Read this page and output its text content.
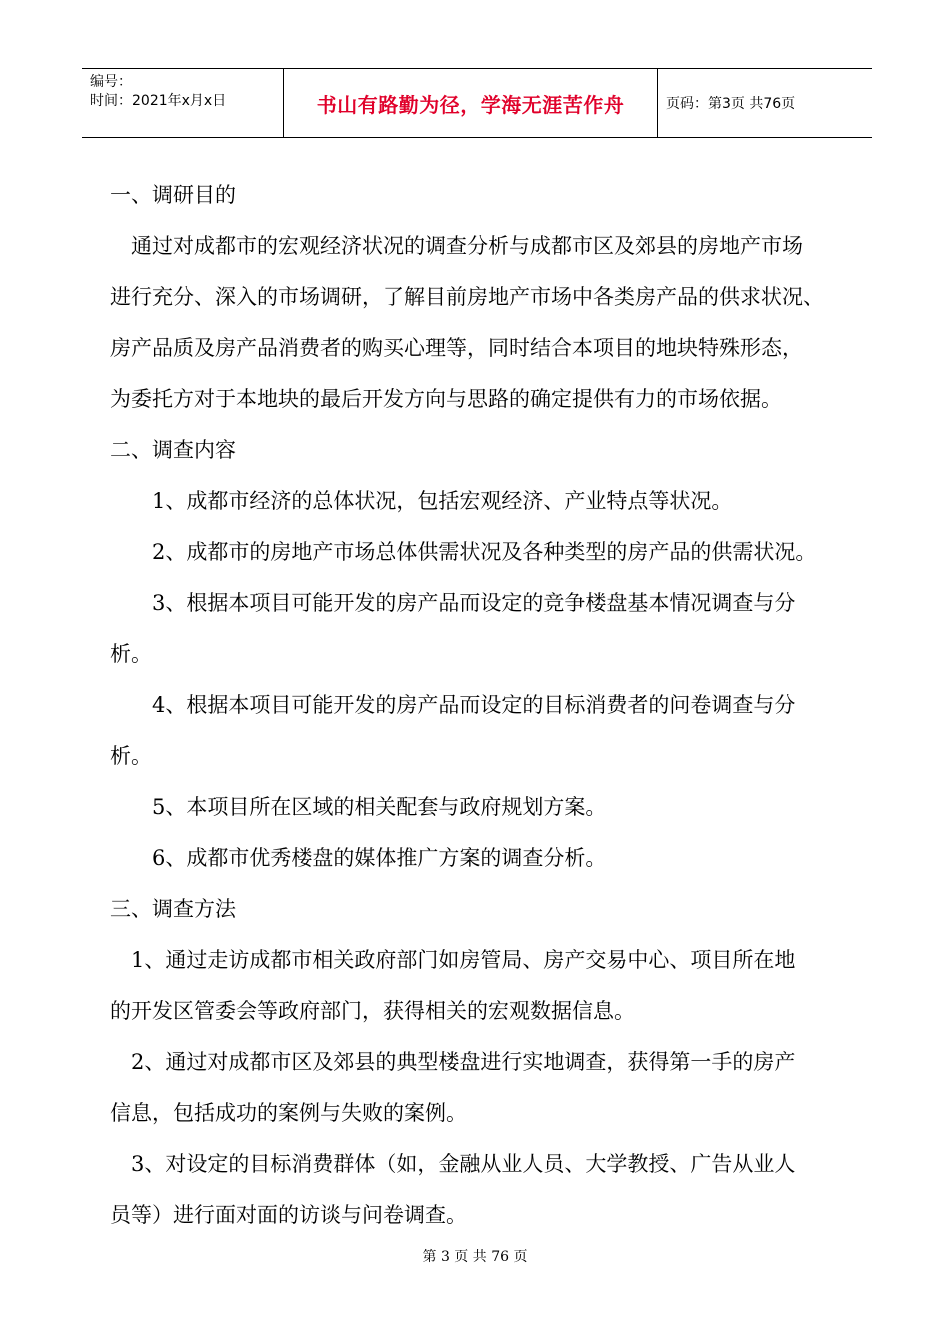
编号：
时间：2021年x月x日	书山有路勤为径，学海无涯苦作舟	页码：第3页 共76页
一、调研目的
通过对成都市的宏观经济状况的调查分析与成都市区及郊县的房地产市场
进行充分、深入的市场调研，了解目前房地产市场中各类房产品的供求状况、
房产品质及房产品消费者的购买心理等，同时结合本项目的地块特殊形态，
为委托方对于本地块的最后开发方向与思路的确定提供有力的市场依据。
二、调查内容
1、成都市经济的总体状况，包括宏观经济、产业特点等状况。
2、成都市的房地产市场总体供需状况及各种类型的房产品的供需状况。
3、根据本项目可能开发的房产品而设定的竞争楼盘基本情况调查与分
析。
4、根据本项目可能开发的房产品而设定的目标消费者的问卷调查与分
析。
5、本项目所在区域的相关配套与政府规划方案。
6、成都市优秀楼盘的媒体推广方案的调查分析。
三、调查方法
1、通过走访成都市相关政府部门如房管局、房产交易中心、项目所在地
的开发区管委会等政府部门，获得相关的宏观数据信息。
2、通过对成都市区及郊县的典型楼盘进行实地调查，获得第一手的房产
信息，包括成功的案例与失败的案例。
3、对设定的目标消费群体（如，金融从业人员、大学教授、广告从业人
员等）进行面对面的访谈与问卷调查。
第 3 页 共 76 页
